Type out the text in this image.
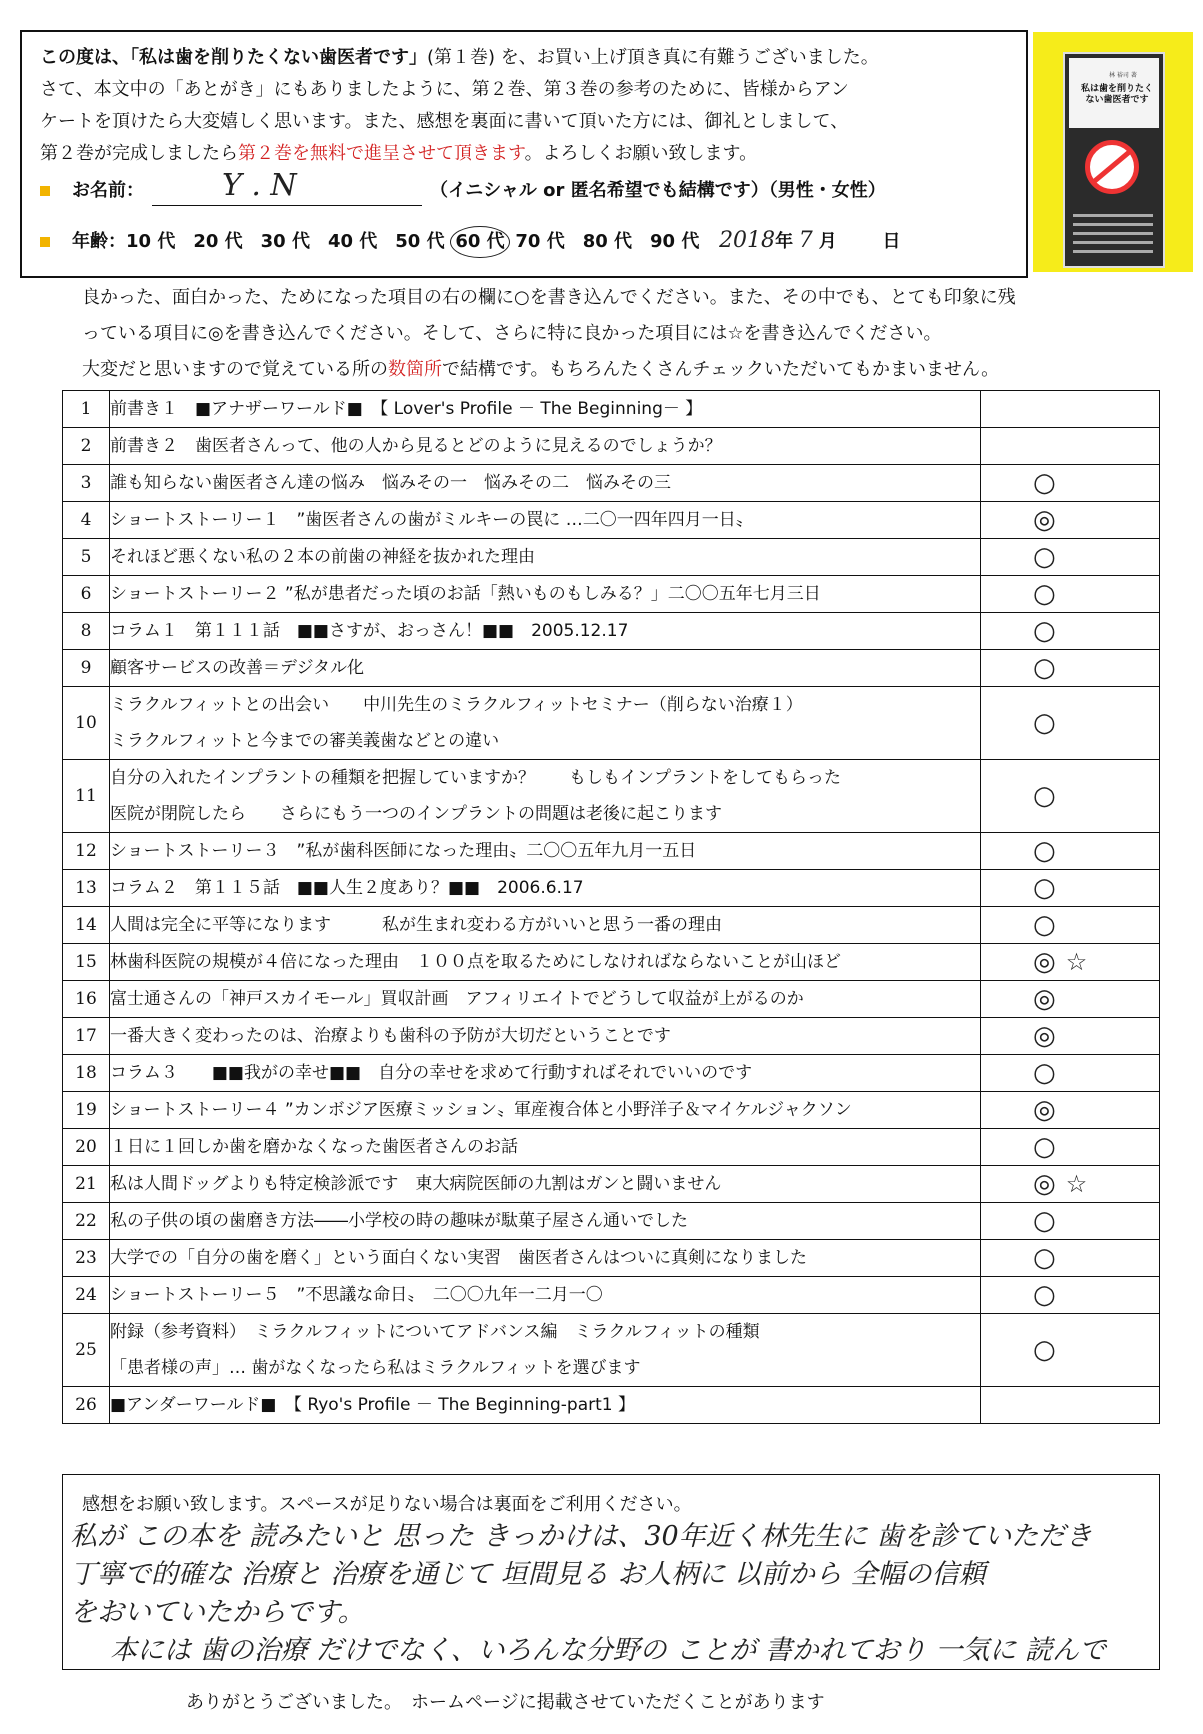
この度は、「私は歯を削りたくない歯医者です」(第１巻) を、お買い上げ頂き真に有難うございました。
さて、本文中の「あとがき」にもありましたように、第２巻、第３巻の参考のために、皆様からアン
ケートを頂けたら大変嬉しく思います。また、感想を裏面に書いて頂いた方には、御礼としまして、
第２巻が完成しましたら第２巻を無料で進呈させて頂きます。よろしくお願い致します。
お名前：	Y . N	（イニシャル or 匿名希望でも結構です）（男性・女性）
年齢：10 代　20 代　30 代　40 代　50 代 60 代 70 代　80 代　90 代 2018年 7 月	日
林 裕司 著
私は歯を削りたくない歯医者です
良かった、面白かった、ためになった項目の右の欄に○を書き込んでください。また、その中でも、とても印象に残
っている項目に◎を書き込んでください。そして、さらに特に良かった項目には☆を書き込んでください。
大変だと思いますので覚えている所の数箇所で結構です。もちろんたくさんチェックいただいてもかまいません。
1	前書き１　■アナザーワールド■　【 Lover's Profile － The Beginning－ 】	

2	前書き２　歯医者さんって、他の人から見るとどのように見えるのでしょうか？	

3	誰も知らない歯医者さん達の悩み　悩みその一　悩みその二　悩みその三	○

4	ショートストーリー１　”歯医者さんの歯がミルキーの罠に …二〇一四年四月一日〟	◎

5	それほど悪くない私の２本の前歯の神経を抜かれた理由	○

6	ショートストーリー２ ”私が患者だった頃のお話「熱いものもしみる？」二〇〇五年七月三日	○

8	コラム１　第１１１話　■■さすが、おっさん！■■　2005.12.17	○

9	顧客サービスの改善＝デジタル化	○

10	ミラクルフィットとの出会い　　中川先生のミラクルフィットセミナー（削らない治療１）
ミラクルフィットと今までの審美義歯などとの違い	○

11	自分の入れたインプラントの種類を把握していますか？　　もしもインプラントをしてもらった
医院が閉院したら　　さらにもう一つのインプラントの問題は老後に起こります	○

12	ショートストーリー３　”私が歯科医師になった理由〟二〇〇五年九月一五日	○

13	コラム２　第１１５話　■■人生２度あり？■■　2006.6.17	○

14	人間は完全に平等になります　　　私が生まれ変わる方がいいと思う一番の理由	○

15	林歯科医院の規模が４倍になった理由　１００点を取るためにしなければならないことが山ほど	◎ ☆

16	富士通さんの「神戸スカイモール」買収計画　アフィリエイトでどうして収益が上がるのか	◎

17	一番大きく変わったのは、治療よりも歯科の予防が大切だということです	◎

18	コラム３　　■■我がの幸せ■■　自分の幸せを求めて行動すればそれでいいのです	○

19	ショートストーリー４ ”カンボジア医療ミッション〟軍産複合体と小野洋子＆マイケルジャクソン	◎

20	１日に１回しか歯を磨かなくなった歯医者さんのお話	○

21	私は人間ドッグよりも特定検診派です　東大病院医師の九割はガンと闘いません	◎ ☆

22	私の子供の頃の歯磨き方法――小学校の時の趣味が駄菓子屋さん通いでした	○

23	大学での「自分の歯を磨く」という面白くない実習　歯医者さんはついに真剣になりました	○

24	ショートストーリー５　”不思議な命日〟　二〇〇九年一二月一〇	○

25	附録（参考資料）　ミラクルフィットについてアドバンス編　ミラクルフィットの種類
「患者様の声」… 歯がなくなったら私はミラクルフィットを選びます	○

26	■アンダーワールド■　【 Ryo's Profile － The Beginning-part1 】	

感想をお願い致します。スペースが足りない場合は裏面をご利用ください。
私が この本を 読みたいと 思った きっかけは、30年近く林先生に 歯を診ていただき
丁寧で的確な 治療と 治療を通じて 垣間見る お人柄に 以前から 全幅の信頼
をおいていたからです。
本には 歯の治療 だけでなく、いろんな分野の ことが 書かれており 一気に 読んで
ありがとうございました。　ホームページに掲載させていただくことがあります
